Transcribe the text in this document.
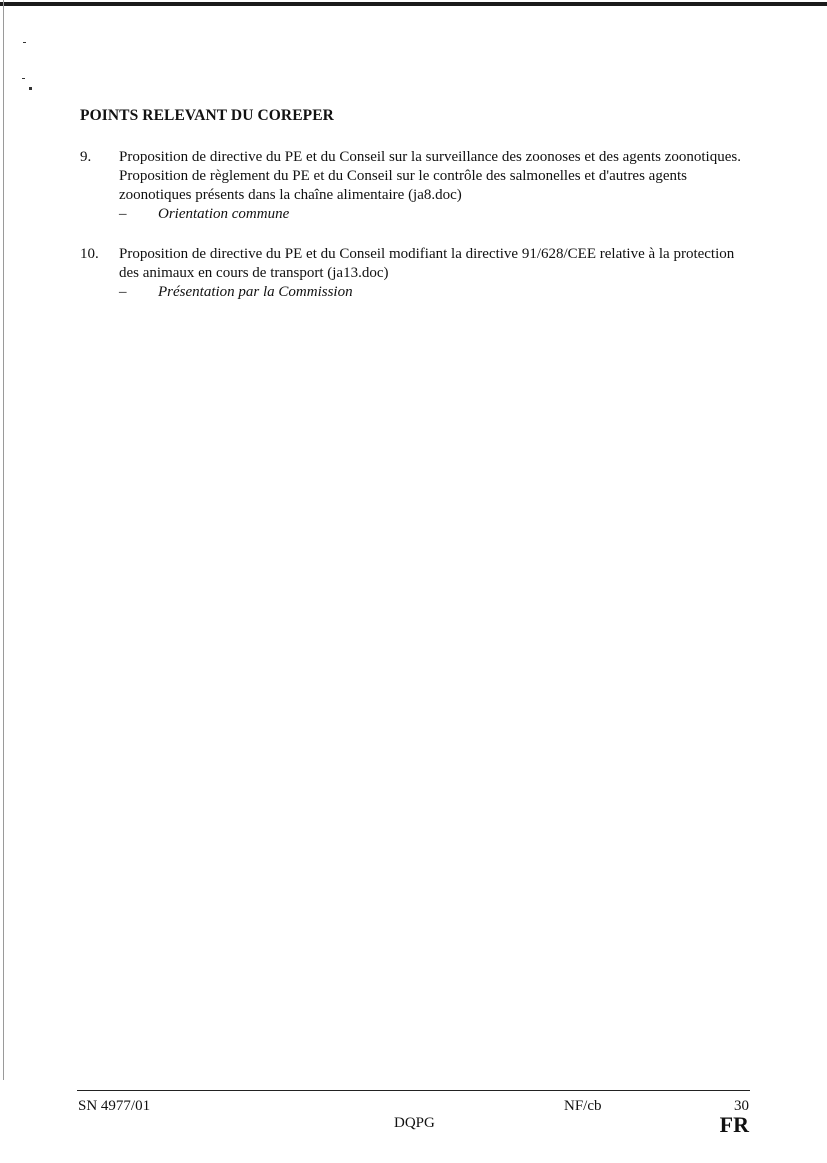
POINTS RELEVANT DU COREPER
9. Proposition de directive du PE et du Conseil sur la surveillance des zoonoses et des agents zoonotiques. Proposition de règlement du PE et du Conseil sur le contrôle des salmonelles et d'autres agents zoonotiques présents dans la chaîne alimentaire (ja8.doc)
– Orientation commune
10. Proposition de directive du PE et du Conseil modifiant la directive 91/628/CEE relative à la protection des animaux en cours de transport (ja13.doc)
– Présentation par la Commission
SN 4977/01	NF/cb	30
DQPG	FR
